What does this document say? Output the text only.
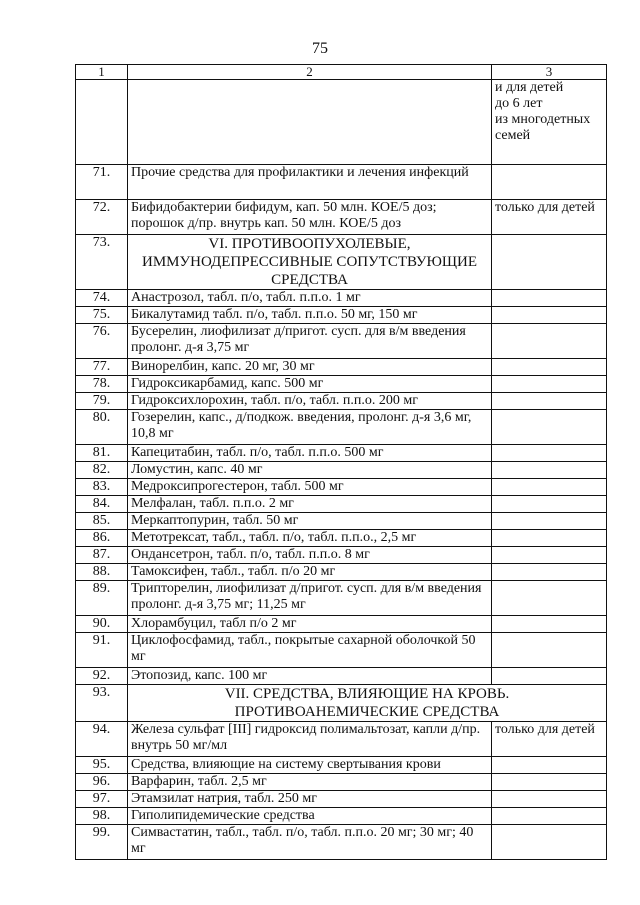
75
1	2	3

		и для детей
до 6 лет
из многодетных
семей

71.	Прочие средства для профилактики и лечения инфекций	
72.	Бифидобактерии бифидум, кап. 50 млн. КОЕ/5 доз; порошок д/пр. внутрь кап. 50 млн. КОЕ/5 доз	только для детей
73.	VI. ПРОТИВООПУХОЛЕВЫЕ, ИММУНОДЕПРЕССИВНЫЕ СОПУТСТВУЮЩИЕ СРЕДСТВА	
74.	Анастрозол, табл. п/о, табл. п.п.о. 1 мг	
75.	Бикалутамид табл. п/о, табл. п.п.о. 50 мг, 150 мг	
76.	Бусерелин, лиофилизат д/пригот. сусп. для в/м введения пролонг. д-я 3,75 мг	
77.	Винорелбин, капс. 20 мг, 30 мг	
78.	Гидроксикарбамид, капс. 500 мг	
79.	Гидроксихлорохин, табл. п/о, табл. п.п.о. 200 мг	
80.	Гозерелин, капс., д/подкож. введения, пролонг. д-я 3,6 мг, 10,8 мг	
81.	Капецитабин, табл. п/о, табл. п.п.о. 500 мг	
82.	Ломустин, капс. 40 мг	
83.	Медроксипрогестерон, табл. 500 мг	
84.	Мелфалан, табл. п.п.о. 2 мг	
85.	Меркаптопурин, табл. 50 мг	
86.	Метотрексат, табл., табл. п/о, табл. п.п.о., 2,5 мг	
87.	Ондансетрон, табл. п/о, табл. п.п.о. 8 мг	
88.	Тамоксифен, табл., табл. п/о 20 мг	
89.	Трипторелин, лиофилизат д/пригот. сусп. для в/м введения пролонг. д-я 3,75 мг; 11,25 мг	
90.	Хлорамбуцил, табл п/о 2 мг	
91.	Циклофосфамид, табл., покрытые сахарной оболочкой 50 мг	
92.	Этопозид, капс. 100 мг	
93.	VII. СРЕДСТВА, ВЛИЯЮЩИЕ НА КРОВЬ. ПРОТИВОАНЕМИЧЕСКИЕ СРЕДСТВА	
94.	Железа сульфат [III] гидроксид полимальтозат, капли д/пр. внутрь 50 мг/мл	только для детей
95.	Средства, влияющие на систему свертывания крови	
96.	Варфарин, табл. 2,5 мг	
97.	Этамзилат натрия, табл. 250 мг	
98.	Гиполипидемические средства	
99.	Симвастатин, табл., табл. п/о, табл. п.п.о. 20 мг; 30 мг; 40 мг	
